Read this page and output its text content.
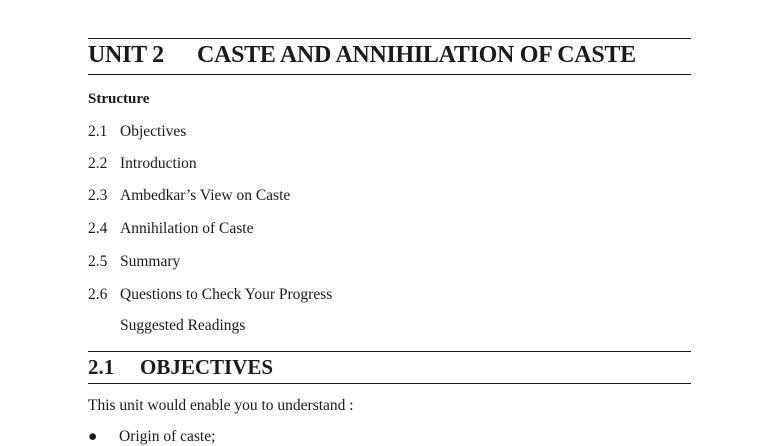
UNIT 2 CASTE AND ANNIHILATION OF CASTE
Structure
2.1 Objectives
2.2 Introduction
2.3 Ambedkar’s View on Caste
2.4 Annihilation of Caste
2.5 Summary
2.6 Questions to Check Your Progress
Suggested Readings
2.1 OBJECTIVES
This unit would enable you to understand :
● Origin of caste;
